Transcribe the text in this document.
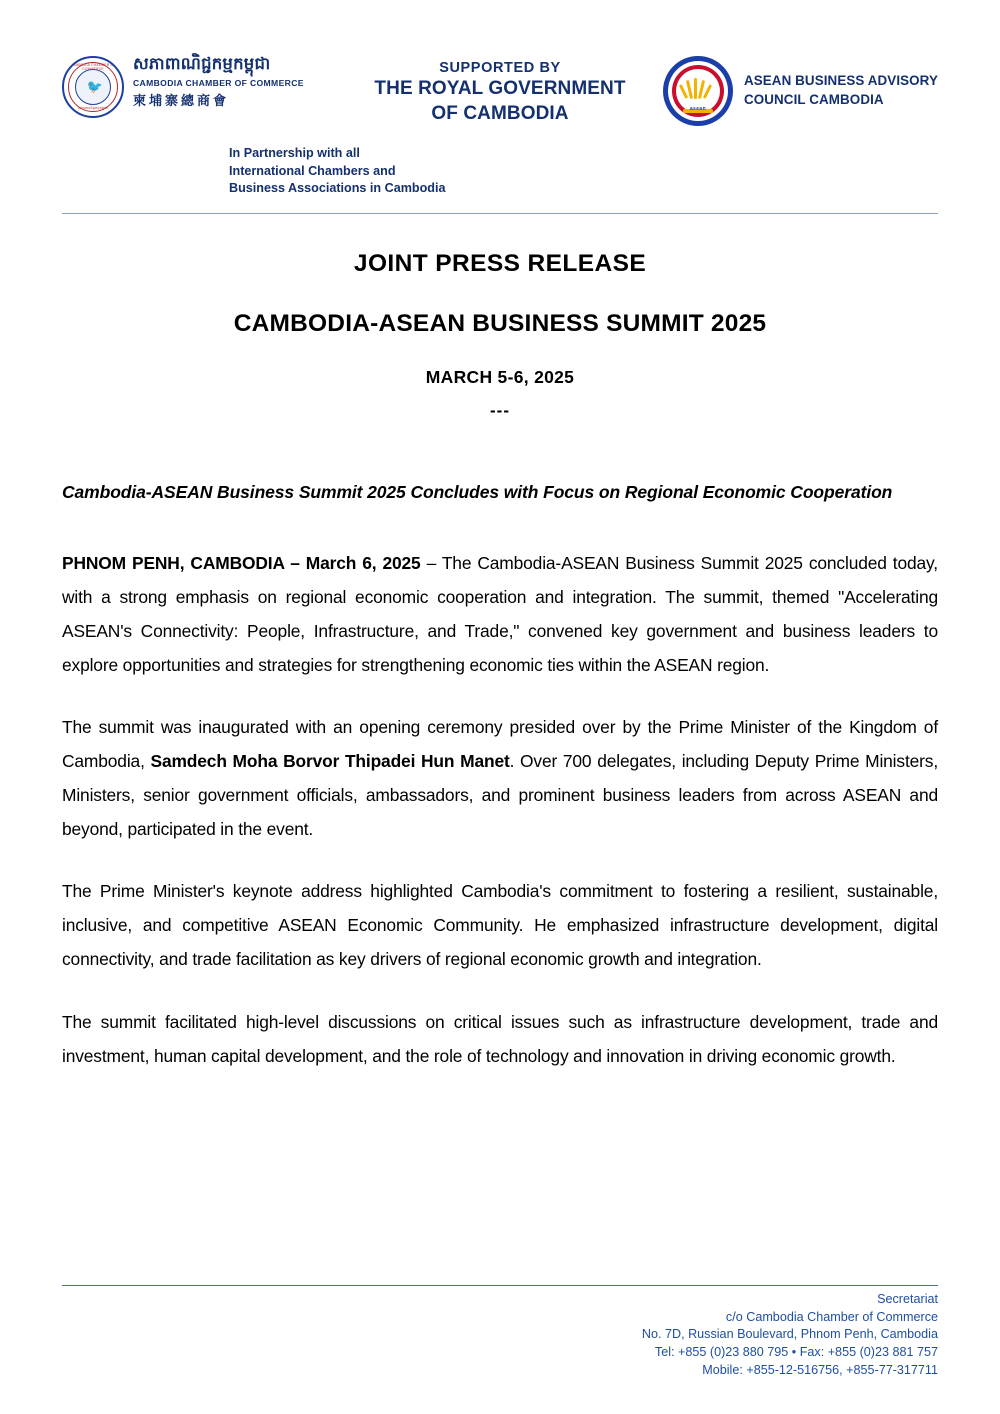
CAMBODIA CHAMBER OF COMMERCE
🐦
សភាពាណិជ្ជកម្មកម្ពុជា
សភាពាណិជ្ជកម្មកម្ពុជា
CAMBODIA CHAMBER OF COMMERCE
柬埔寨總商會
SUPPORTED BY
THE ROYAL GOVERNMENT
OF CAMBODIA	asean
ASEAN BUSINESS ADVISORY
COUNCIL CAMBODIA
In Partnership with all
International Chambers and
Business Associations in Cambodia
JOINT PRESS RELEASE
CAMBODIA-ASEAN BUSINESS SUMMIT 2025
MARCH 5-6, 2025
---
Cambodia-ASEAN Business Summit 2025 Concludes with Focus on Regional Economic Cooperation

PHNOM PENH, CAMBODIA – March 6, 2025 – The Cambodia-ASEAN Business Summit 2025 concluded today, with a strong emphasis on regional economic cooperation and integration. The summit, themed "Accelerating ASEAN's Connectivity: People, Infrastructure, and Trade," convened key government and business leaders to explore opportunities and strategies for strengthening economic ties within the ASEAN region.

The summit was inaugurated with an opening ceremony presided over by the Prime Minister of the Kingdom of Cambodia, Samdech Moha Borvor Thipadei Hun Manet. Over 700 delegates, including Deputy Prime Ministers, Ministers, senior government officials, ambassadors, and prominent business leaders from across ASEAN and beyond, participated in the event.

The Prime Minister's keynote address highlighted Cambodia's commitment to fostering a resilient, sustainable, inclusive, and competitive ASEAN Economic Community. He emphasized infrastructure development, digital connectivity, and trade facilitation as key drivers of regional economic growth and integration.

The summit facilitated high-level discussions on critical issues such as infrastructure development, trade and investment, human capital development, and the role of technology and innovation in driving economic growth.

Secretariat
c/o Cambodia Chamber of Commerce
No. 7D, Russian Boulevard, Phnom Penh, Cambodia
Tel: +855 (0)23 880 795 • Fax: +855 (0)23 881 757
Mobile: +855-12-516756, +855-77-317711
